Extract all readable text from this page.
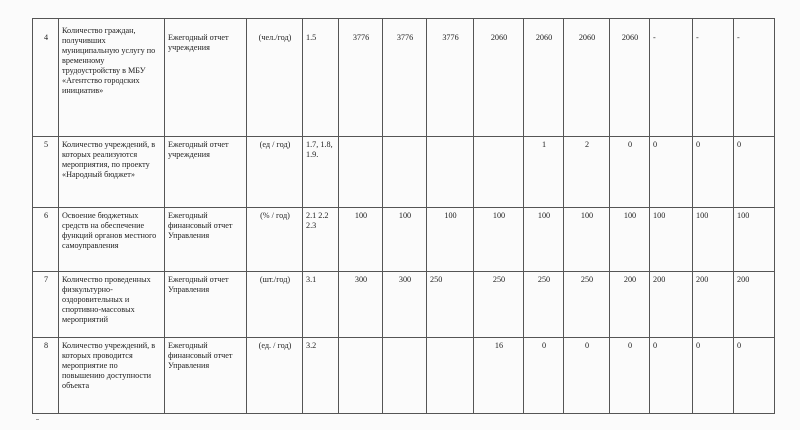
4	Количество граждан, получивших муниципальную услугу по временному трудоустройству в МБУ «Агентство городских инициатив»	Ежегодный отчет учреждения	(чел./год)	1.5	3776	3776	3776	2060	2060	2060	2060	-	-	-
5	Количество учреждений, в которых реализуются мероприятия, по проекту «Народный бюджет»	Ежегодный отчет учреждения	(ед / год)	1.7, 1.8, 1.9.					1	2	0	0	0	0
6	Освоение бюджетных средств на обеспечение функций органов местного самоуправления	Ежегодный финансовый отчет Управления	(% / год)	2.1 2.2 2.3	100	100	100	100	100	100	100	100	100	100
7	Количество проведенных физкультурно-оздоровительных и спортивно-массовых мероприятий	Ежегодный отчет Управления	(шт./год)	3.1	300	300	250	250	250	250	200	200	200	200
8	Количество учреждений, в которых проводится мероприятие по повышению доступности объекта	Ежегодный финансовый отчет Управления	(ед. / год)	3.2				16	0	0	0	0	0	0
